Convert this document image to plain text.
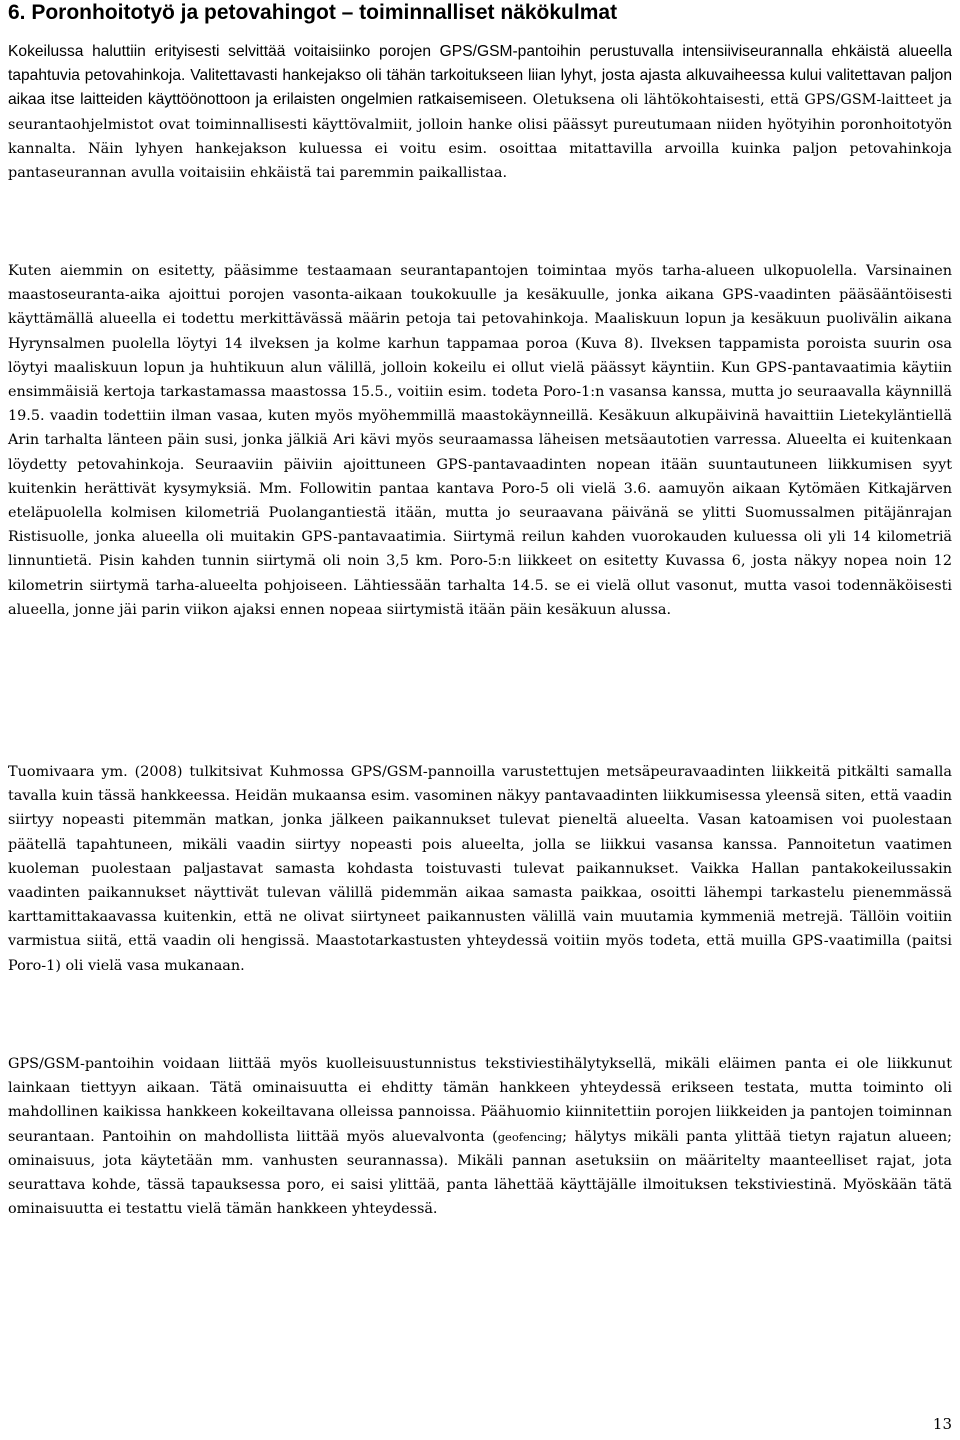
6. Poronhoitotyö ja petovahingot – toiminnalliset näkökulmat

Kokeilussa haluttiin erityisesti selvittää voitaisiinko porojen GPS/GSM-pantoihin perustuvalla intensiiviseurannalla ehkäistä alueella tapahtuvia petovahinkoja. Valitettavasti hankejakso oli tähän tarkoitukseen liian lyhyt, josta ajasta alkuvaiheessa kului valitettavan paljon aikaa itse laitteiden käyttöönottoon ja erilaisten ongelmien ratkaisemiseen. Oletuksena oli lähtökohtaisesti, että GPS/GSM-laitteet ja seurantaohjelmistot ovat toiminnallisesti käyttövalmiit, jolloin hanke olisi päässyt pureutumaan niiden hyötyihin poronhoitotyön kannalta. Näin lyhyen hankejakson kuluessa ei voitu esim. osoittaa mitattavilla arvoilla kuinka paljon petovahinkoja pantaseurannan avulla voitaisiin ehkäistä tai paremmin paikallistaa.

Kuten aiemmin on esitetty, pääsimme testaamaan seurantapantojen toimintaa myös tarha-alueen ulkopuolella. Varsinainen maastoseuranta-aika ajoittui porojen vasonta-aikaan toukokuulle ja kesäkuulle, jonka aikana GPS-vaadinten pääsääntöisesti käyttämällä alueella ei todettu merkittävässä määrin petoja tai petovahinkoja. Maaliskuun lopun ja kesäkuun puolivälin aikana Hyrynsalmen puolella löytyi 14 ilveksen ja kolme karhun tappamaa poroa (Kuva 8). Ilveksen tappamista poroista suurin osa löytyi maaliskuun lopun ja huhtikuun alun välillä, jolloin kokeilu ei ollut vielä päässyt käyntiin. Kun GPS-pantavaatimia käytiin ensimmäisiä kertoja tarkastamassa maastossa 15.5., voitiin esim. todeta Poro-1:n vasansa kanssa, mutta jo seuraavalla käynnillä 19.5. vaadin todettiin ilman vasaa, kuten myös myöhemmillä maastokäynneillä. Kesäkuun alkupäivinä havaittiin Lietekyläntiellä Arin tarhalta länteen päin susi, jonka jälkiä Ari kävi myös seuraamassa läheisen metsäautotien varressa. Alueelta ei kuitenkaan löydetty petovahinkoja. Seuraaviin päiviin ajoittuneen GPS-pantavaadinten nopean itään suuntautuneen liikkumisen syyt kuitenkin herättivät kysymyksiä. Mm. Followitin pantaa kantava Poro-5 oli vielä 3.6. aamuyön aikaan Kytömäen Kitkajärven eteläpuolella kolmisen kilometriä Puolangantiestä itään, mutta jo seuraavana päivänä se ylitti Suomussalmen pitäjänrajan Ristisuolle, jonka alueella oli muitakin GPS-pantavaatimia. Siirtymä reilun kahden vuorokauden kuluessa oli yli 14 kilometriä linnuntietä. Pisin kahden tunnin siirtymä oli noin 3,5 km. Poro-5:n liikkeet on esitetty Kuvassa 6, josta näkyy nopea noin 12 kilometrin siirtymä tarha-alueelta pohjoiseen. Lähtiessään tarhalta 14.5. se ei vielä ollut vasonut, mutta vasoi todennäköisesti alueella, jonne jäi parin viikon ajaksi ennen nopeaa siirtymistä itään päin kesäkuun alussa.

Tuomivaara ym. (2008) tulkitsivat Kuhmossa GPS/GSM-pannoilla varustettujen metsäpeuravaadinten liikkeitä pitkälti samalla tavalla kuin tässä hankkeessa. Heidän mukaansa esim. vasominen näkyy pantavaadinten liikkumisessa yleensä siten, että vaadin siirtyy nopeasti pitemmän matkan, jonka jälkeen paikannukset tulevat pieneltä alueelta. Vasan katoamisen voi puolestaan päätellä tapahtuneen, mikäli vaadin siirtyy nopeasti pois alueelta, jolla se liikkui vasansa kanssa. Pannoitetun vaatimen kuoleman puolestaan paljastavat samasta kohdasta toistuvasti tulevat paikannukset. Vaikka Hallan pantakokeilussakin vaadinten paikannukset näyttivät tulevan välillä pidemmän aikaa samasta paikkaa, osoitti lähempi tarkastelu pienemmässä karttamittakaavassa kuitenkin, että ne olivat siirtyneet paikannusten välillä vain muutamia kymmeniä metrejä. Tällöin voitiin varmistua siitä, että vaadin oli hengissä. Maastotarkastusten yhteydessä voitiin myös todeta, että muilla GPS-vaatimilla (paitsi Poro-1) oli vielä vasa mukanaan.

GPS/GSM-pantoihin voidaan liittää myös kuolleisuustunnistus tekstiviestihälytyksellä, mikäli eläimen panta ei ole liikkunut lainkaan tiettyyn aikaan. Tätä ominaisuutta ei ehditty tämän hankkeen yhteydessä erikseen testata, mutta toiminto oli mahdollinen kaikissa hankkeen kokeiltavana olleissa pannoissa. Päähuomio kiinnitettiin porojen liikkeiden ja pantojen toiminnan seurantaan. Pantoihin on mahdollista liittää myös aluevalvonta (geofencing; hälytys mikäli panta ylittää tietyn rajatun alueen; ominaisuus, jota käytetään mm. vanhusten seurannassa). Mikäli pannan asetuksiin on määritelty maanteelliset rajat, jota seurattava kohde, tässä tapauksessa poro, ei saisi ylittää, panta lähettää käyttäjälle ilmoituksen tekstiviestinä. Myöskään tätä ominaisuutta ei testattu vielä tämän hankkeen yhteydessä.

13
